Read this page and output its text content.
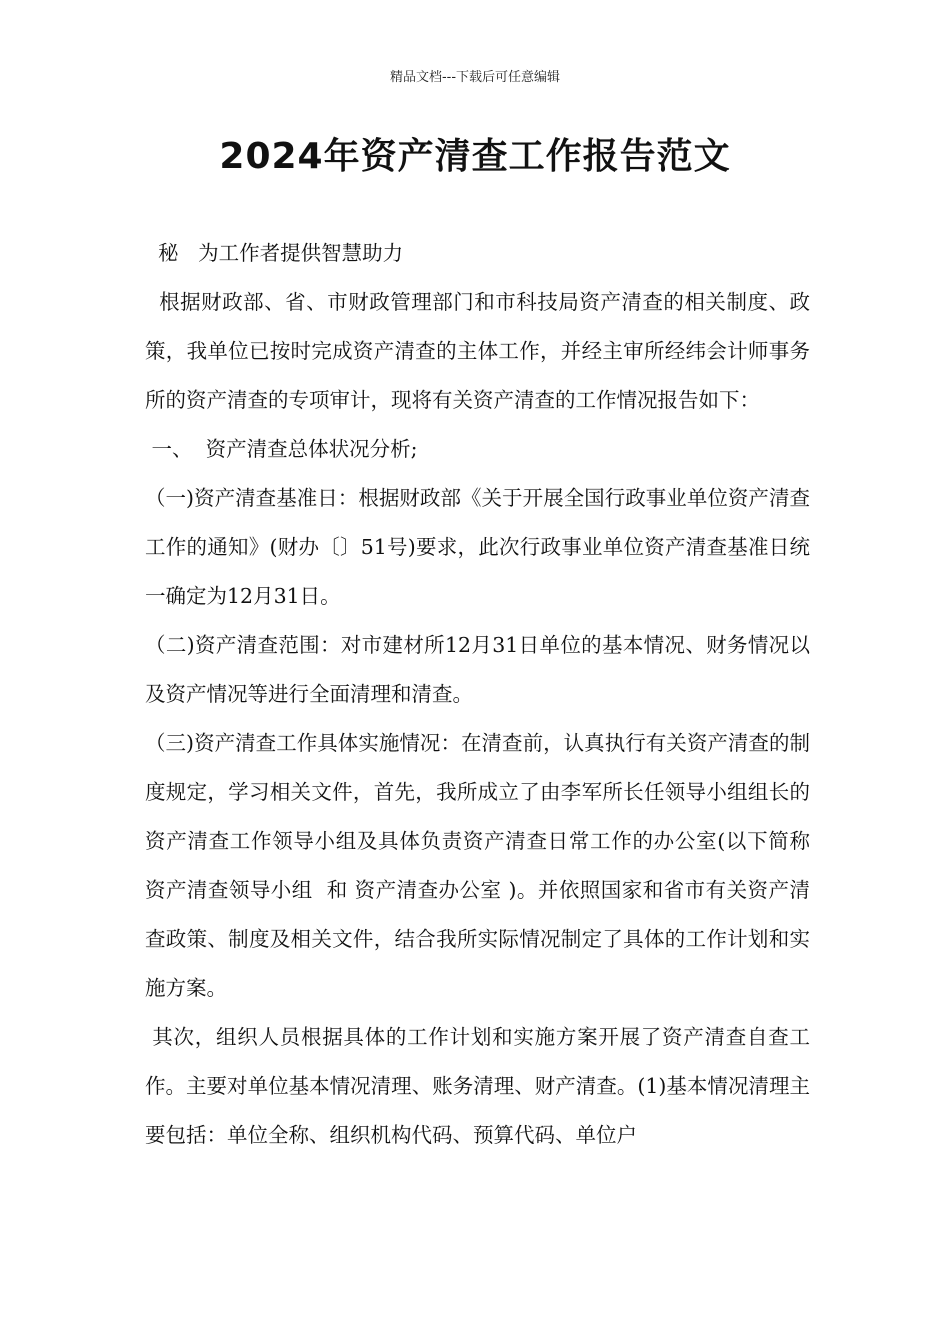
精品文档---下载后可任意编辑
2024年资产清查工作报告范文

秘   为工作者提供智慧助力

根据财政部、省、市财政管理部门和市科技局资产清查的相关制度、政策，我单位已按时完成资产清查的主体工作，并经主审所经纬会计师事务所的资产清查的专项审计，现将有关资产清查的工作情况报告如下：

一、  资产清查总体状况分析;

（一)资产清查基准日：根据财政部《关于开展全国行政事业单位资产清查工作的通知》(财办〔〕51号)要求，此次行政事业单位资产清查基准日统一确定为12月31日。

（二)资产清查范围：对市建材所12月31日单位的基本情况、财务情况以及资产情况等进行全面清理和清查。

（三)资产清查工作具体实施情况：在清查前，认真执行有关资产清查的制度规定，学习相关文件，首先，我所成立了由李军所长任领导小组组长的资产清查工作领导小组及具体负责资产清查日常工作的办公室(以下简称 资产清查领导小组  和 资产清查办公室 )。并依照国家和省市有关资产清查政策、制度及相关文件，结合我所实际情况制定了具体的工作计划和实施方案。

其次，组织人员根据具体的工作计划和实施方案开展了资产清查自查工作。主要对单位基本情况清理、账务清理、财产清查。(1)基本情况清理主要包括：单位全称、组织机构代码、预算代码、单位户
